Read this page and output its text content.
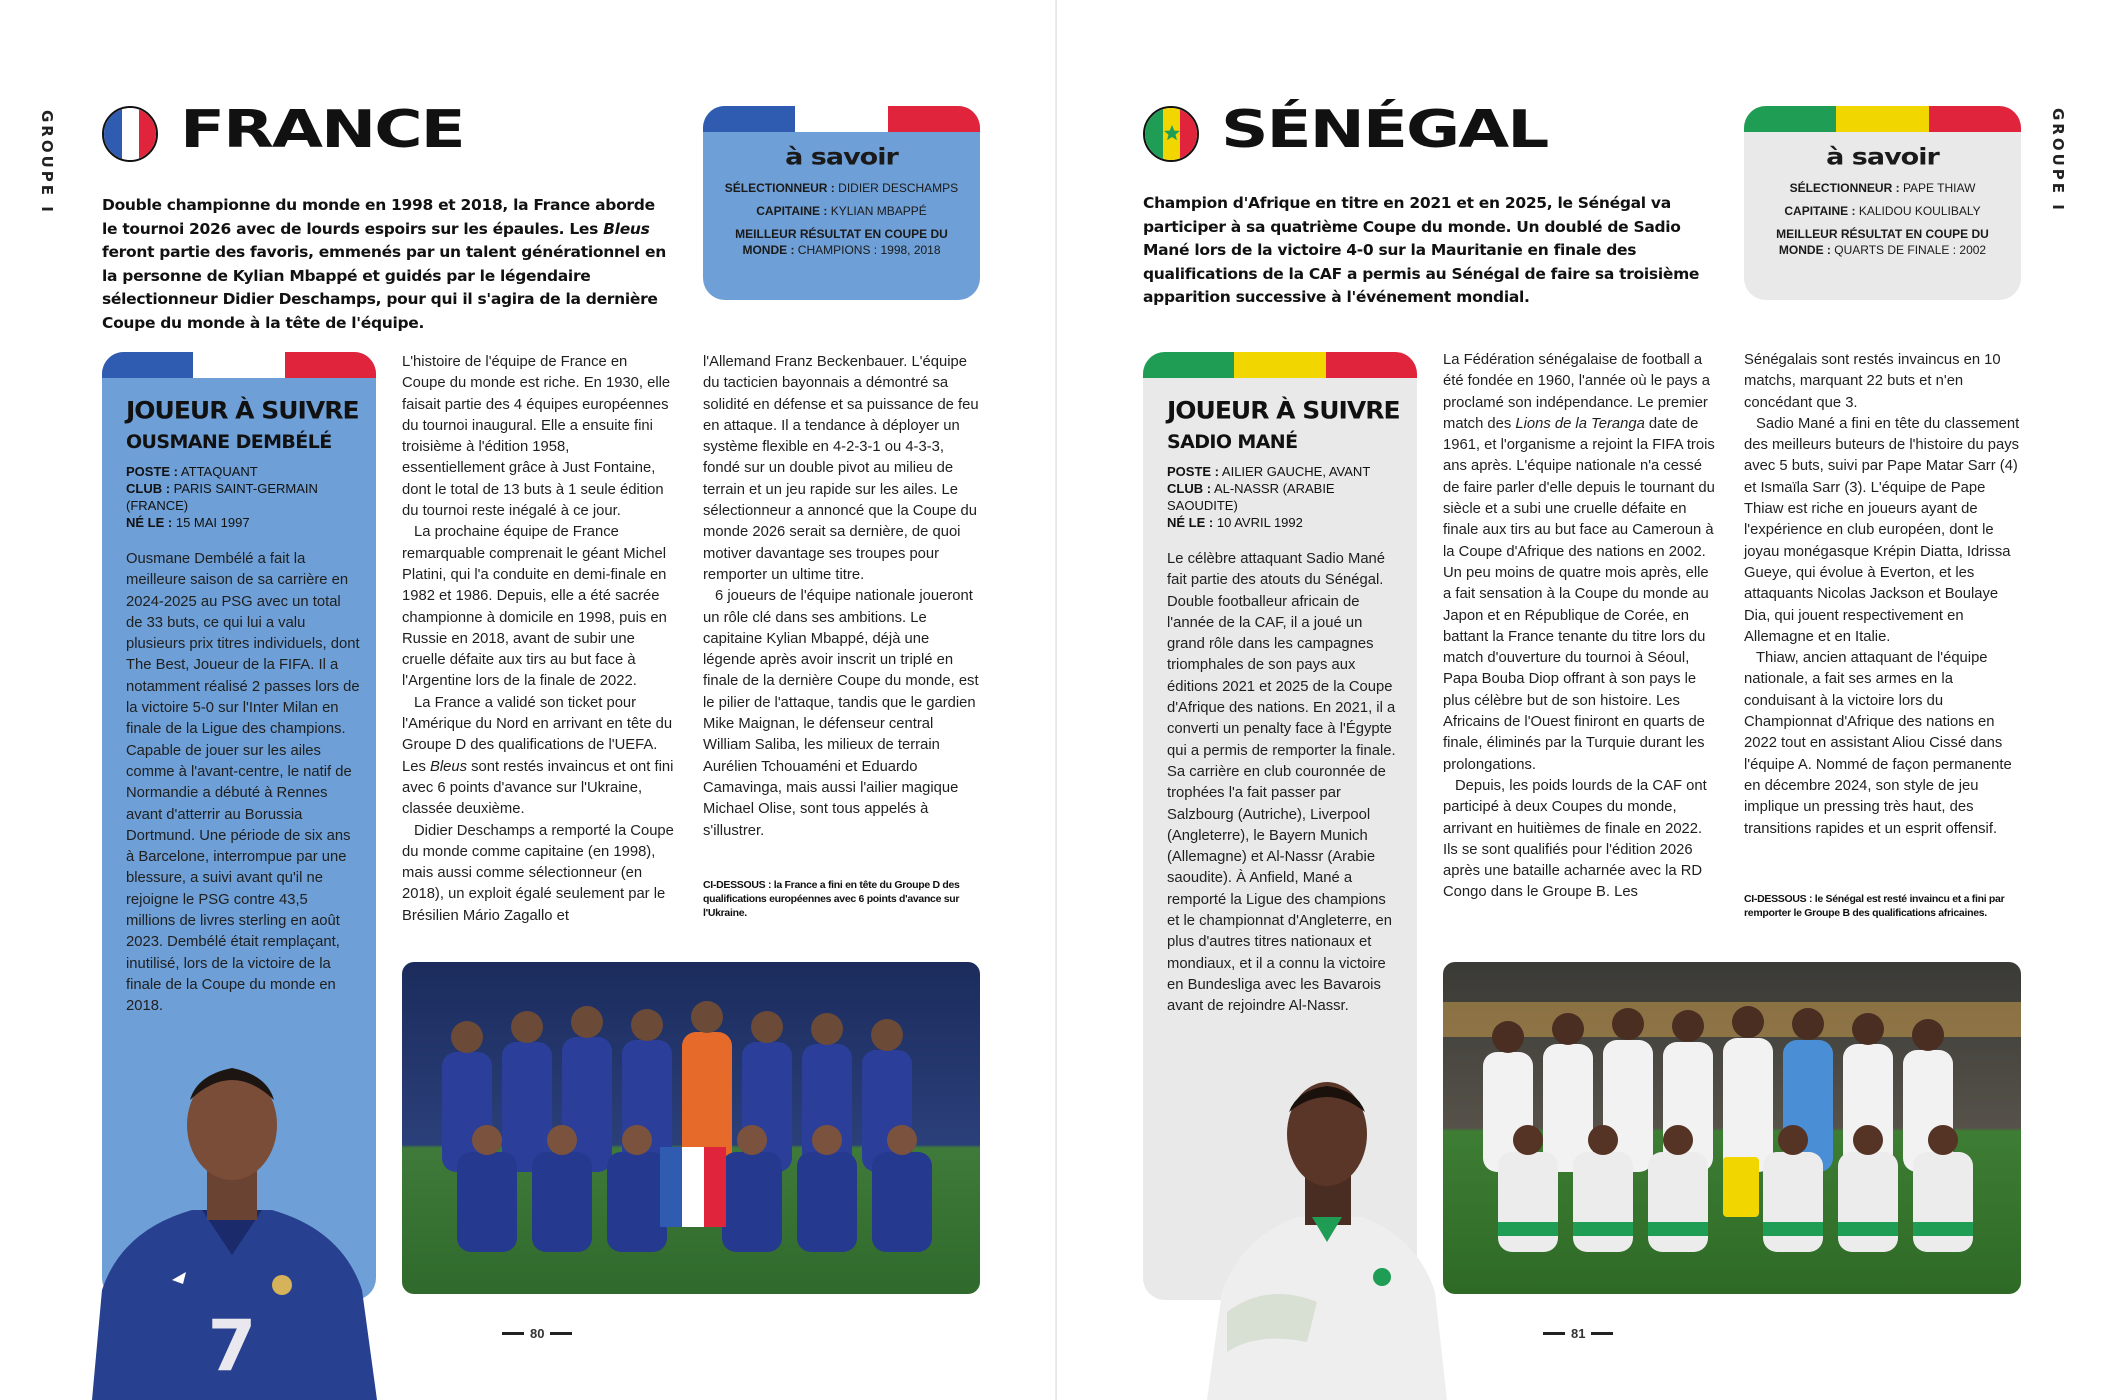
GROUPE I FRANCE
Double championne du monde en 1998 et 2018, la France aborde le tournoi 2026 avec de lourds espoirs sur les épaules. Les Bleus feront partie des favoris, emmenés par un talent générationnel en la personne de Kylian Mbappé et guidés par le légendaire sélectionneur Didier Deschamps, pour qui il s'agira de la dernière Coupe du monde à la tête de l'équipe.
à savoir
SÉLECTIONNEUR : DIDIER DESCHAMPS
CAPITAINE : KYLIAN MBAPPÉ
MEILLEUR RÉSULTAT EN COUPE DU MONDE : CHAMPIONS : 1998, 2018
JOUEUR À SUIVRE
OUSMANE DEMBÉLÉ
POSTE : ATTAQUANT
CLUB : PARIS SAINT-GERMAIN (FRANCE)
NÉ LE : 15 MAI 1997
Ousmane Dembélé a fait la meilleure saison de sa carrière en 2024-2025 au PSG avec un total de 33 buts, ce qui lui a valu plusieurs prix titres individuels, dont The Best, Joueur de la FIFA. Il a notamment réalisé 2 passes lors de la victoire 5-0 sur l'Inter Milan en finale de la Ligue des champions. Capable de jouer sur les ailes comme à l'avant-centre, le natif de Normandie a débuté à Rennes avant d'atterrir au Borussia Dortmund. Une période de six ans à Barcelone, interrompue par une blessure, a suivi avant qu'il ne rejoigne le PSG contre 43,5 millions de livres sterling en août 2023. Dembélé était remplaçant, inutilisé, lors de la victoire de la finale de la Coupe du monde en 2018.
7

L'histoire de l'équipe de France en Coupe du monde est riche. En 1930, elle faisait partie des 4 équipes européennes du tournoi inaugural. Elle a ensuite fini troisième à l'édition 1958, essentiellement grâce à Just Fontaine, dont le total de 13 buts à 1 seule édition du tournoi reste inégalé à ce jour.

La prochaine équipe de France remarquable comprenait le géant Michel Platini, qui l'a conduite en demi-finale en 1982 et 1986. Depuis, elle a été sacrée championne à domicile en 1998, puis en Russie en 2018, avant de subir une cruelle défaite aux tirs au but face à l'Argentine lors de la finale de 2022.

La France a validé son ticket pour l'Amérique du Nord en arrivant en tête du Groupe D des qualifications de l'UEFA. Les Bleus sont restés invaincus et ont fini avec 6 points d'avance sur l'Ukraine, classée deuxième.

Didier Deschamps a remporté la Coupe du monde comme capitaine (en 1998), mais aussi comme sélectionneur (en 2018), un exploit égalé seulement par le Brésilien Mário Zagallo et

l'Allemand Franz Beckenbauer. L'équipe du tacticien bayonnais a démontré sa solidité en défense et sa puissance de feu en attaque. Il a tendance à déployer un système flexible en 4-2-3-1 ou 4-3-3, fondé sur un double pivot au milieu de terrain et un jeu rapide sur les ailes. Le sélectionneur a annoncé que la Coupe du monde 2026 serait sa dernière, de quoi motiver davantage ses troupes pour remporter un ultime titre.

6 joueurs de l'équipe nationale joueront un rôle clé dans ses ambitions. Le capitaine Kylian Mbappé, déjà une légende après avoir inscrit un triplé en finale de la dernière Coupe du monde, est le pilier de l'attaque, tandis que le gardien Mike Maignan, le défenseur central William Saliba, les milieux de terrain Aurélien Tchouaméni et Eduardo Camavinga, mais aussi l'ailier magique Michael Olise, sont tous appelés à s'illustrer.

CI-DESSOUS : la France a fini en tête du Groupe D des qualifications européennes avec 6 points d'avance sur l'Ukraine.
80
GROUPE I
SÉNÉGAL
Champion d'Afrique en titre en 2021 et en 2025, le Sénégal va participer à sa quatrième Coupe du monde. Un doublé de Sadio Mané lors de la victoire 4-0 sur la Mauritanie en finale des qualifications de la CAF a permis au Sénégal de faire sa troisième apparition successive à l'événement mondial.
à savoir
SÉLECTIONNEUR : PAPE THIAW
CAPITAINE : KALIDOU KOULIBALY
MEILLEUR RÉSULTAT EN COUPE DU MONDE : QUARTS DE FINALE : 2002
JOUEUR À SUIVRE
SADIO MANÉ
POSTE : AILIER GAUCHE, AVANT
CLUB : AL-NASSR (ARABIE SAOUDITE)
NÉ LE : 10 AVRIL 1992
Le célèbre attaquant Sadio Mané fait partie des atouts du Sénégal. Double footballeur africain de l'année de la CAF, il a joué un grand rôle dans les campagnes triomphales de son pays aux éditions 2021 et 2025 de la Coupe d'Afrique des nations. En 2021, il a converti un penalty face à l'Égypte qui a permis de remporter la finale. Sa carrière en club couronnée de trophées l'a fait passer par Salzbourg (Autriche), Liverpool (Angleterre), le Bayern Munich (Allemagne) et Al-Nassr (Arabie saoudite). À Anfield, Mané a remporté la Ligue des champions et le championnat d'Angleterre, en plus d'autres titres nationaux et mondiaux, et il a connu la victoire en Bundesliga avec les Bavarois avant de rejoindre Al-Nassr.

La Fédération sénégalaise de football a été fondée en 1960, l'année où le pays a proclamé son indépendance. Le premier match des Lions de la Teranga date de 1961, et l'organisme a rejoint la FIFA trois ans après. L'équipe nationale n'a cessé de faire parler d'elle depuis le tournant du siècle et a subi une cruelle défaite en finale aux tirs au but face au Cameroun à la Coupe d'Afrique des nations en 2002. Un peu moins de quatre mois après, elle a fait sensation à la Coupe du monde au Japon et en République de Corée, en battant la France tenante du titre lors du match d'ouverture du tournoi à Séoul, Papa Bouba Diop offrant à son pays le plus célèbre but de son histoire. Les Africains de l'Ouest finiront en quarts de finale, éliminés par la Turquie durant les prolongations.

Depuis, les poids lourds de la CAF ont participé à deux Coupes du monde, arrivant en huitièmes de finale en 2022. Ils se sont qualifiés pour l'édition 2026 après une bataille acharnée avec la RD Congo dans le Groupe B. Les

Sénégalais sont restés invaincus en 10 matchs, marquant 22 buts et n'en concédant que 3.

Sadio Mané a fini en tête du classement des meilleurs buteurs de l'histoire du pays avec 5 buts, suivi par Pape Matar Sarr (4) et Ismaïla Sarr (3). L'équipe de Pape Thiaw est riche en joueurs ayant de l'expérience en club européen, dont le joyau monégasque Krépin Diatta, Idrissa Gueye, qui évolue à Everton, et les attaquants Nicolas Jackson et Boulaye Dia, qui jouent respectivement en Allemagne et en Italie.

Thiaw, ancien attaquant de l'équipe nationale, a fait ses armes en la conduisant à la victoire lors du Championnat d'Afrique des nations en 2022 tout en assistant Aliou Cissé dans l'équipe A. Nommé de façon permanente en décembre 2024, son style de jeu implique un pressing très haut, des transitions rapides et un esprit offensif.

CI-DESSOUS : le Sénégal est resté invaincu et a fini par remporter le Groupe B des qualifications africaines.
81
